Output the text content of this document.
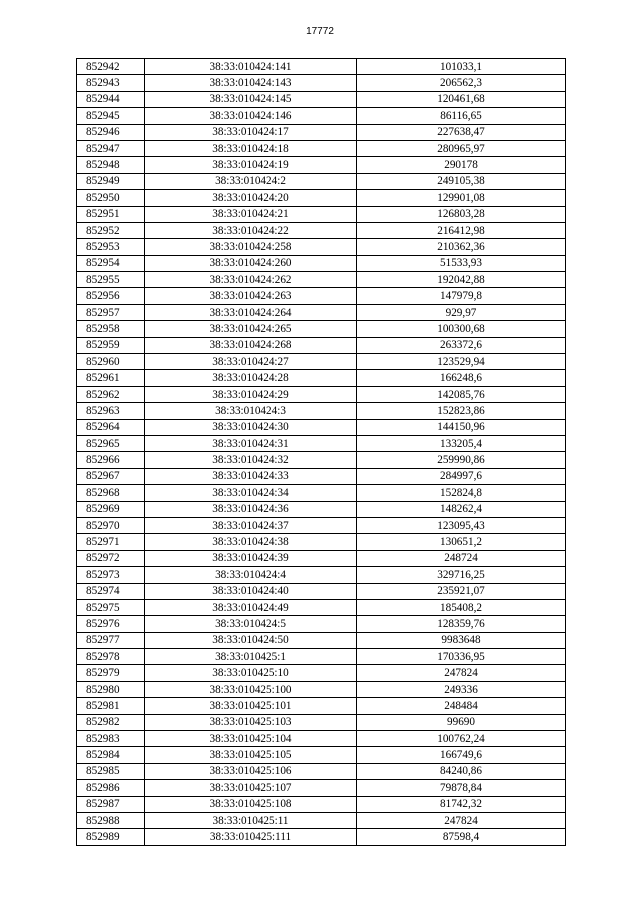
17772
852942	38:33:010424:141	101033,1
852943	38:33:010424:143	206562,3
852944	38:33:010424:145	120461,68
852945	38:33:010424:146	86116,65
852946	38:33:010424:17	227638,47
852947	38:33:010424:18	280965,97
852948	38:33:010424:19	290178
852949	38:33:010424:2	249105,38
852950	38:33:010424:20	129901,08
852951	38:33:010424:21	126803,28
852952	38:33:010424:22	216412,98
852953	38:33:010424:258	210362,36
852954	38:33:010424:260	51533,93
852955	38:33:010424:262	192042,88
852956	38:33:010424:263	147979,8
852957	38:33:010424:264	929,97
852958	38:33:010424:265	100300,68
852959	38:33:010424:268	263372,6
852960	38:33:010424:27	123529,94
852961	38:33:010424:28	166248,6
852962	38:33:010424:29	142085,76
852963	38:33:010424:3	152823,86
852964	38:33:010424:30	144150,96
852965	38:33:010424:31	133205,4
852966	38:33:010424:32	259990,86
852967	38:33:010424:33	284997,6
852968	38:33:010424:34	152824,8
852969	38:33:010424:36	148262,4
852970	38:33:010424:37	123095,43
852971	38:33:010424:38	130651,2
852972	38:33:010424:39	248724
852973	38:33:010424:4	329716,25
852974	38:33:010424:40	235921,07
852975	38:33:010424:49	185408,2
852976	38:33:010424:5	128359,76
852977	38:33:010424:50	9983648
852978	38:33:010425:1	170336,95
852979	38:33:010425:10	247824
852980	38:33:010425:100	249336
852981	38:33:010425:101	248484
852982	38:33:010425:103	99690
852983	38:33:010425:104	100762,24
852984	38:33:010425:105	166749,6
852985	38:33:010425:106	84240,86
852986	38:33:010425:107	79878,84
852987	38:33:010425:108	81742,32
852988	38:33:010425:11	247824
852989	38:33:010425:111	87598,4
